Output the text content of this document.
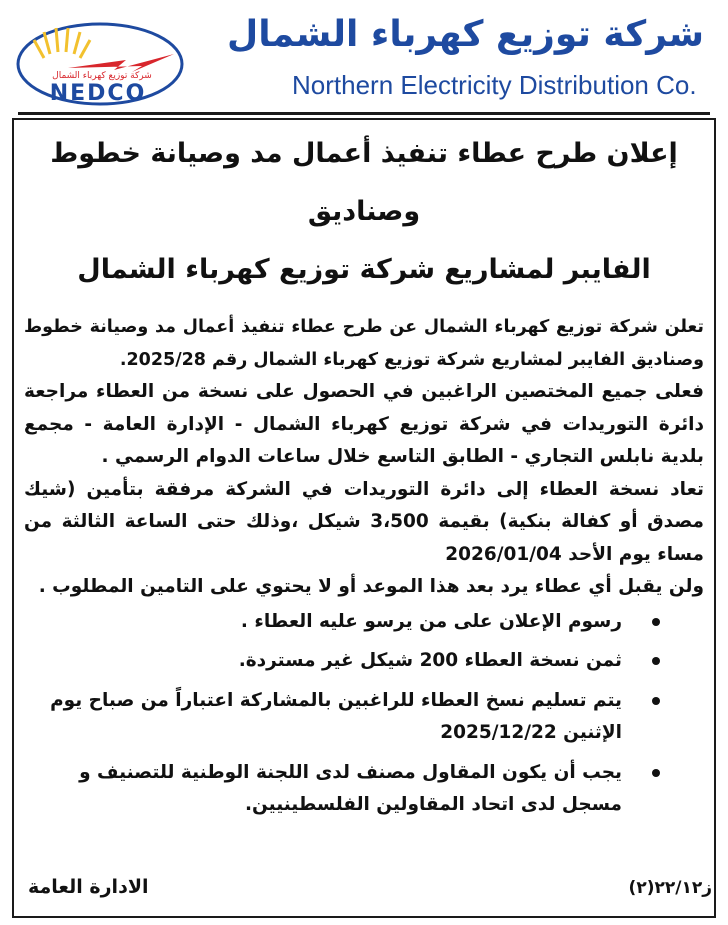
شركة توزيع كهرباء الشمال
NEDCO
شركة توزيع كهرباء الشمال
Northern Electricity Distribution Co.
إعلان طرح عطاء تنفيذ أعمال مد وصيانة خطوط وصناديق
الفايبر لمشاريع شركة توزيع كهرباء الشمال

تعلن شركة توزيع كهرباء الشمال عن طرح عطاء تنفيذ أعمال مد وصيانة خطوط وصناديق الفايبر لمشاريع شركة توزيع كهرباء الشمال رقم 2025/28.

فعلى جميع المختصين الراغبين في الحصول على نسخة من العطاء مراجعة دائرة التوريدات في شركة توزيع كهرباء الشمال - الإدارة العامة - مجمع بلدية نابلس التجاري - الطابق التاسع خلال ساعات الدوام الرسمي .

تعاد نسخة العطاء إلى دائرة التوريدات في الشركة مرفقة بتأمين (شيك مصدق أو كفالة بنكية) بقيمة 3،500 شيكل ،وذلك حتى الساعة الثالثة من مساء يوم الأحد 2026/01/04

ولن يقبل أي عطاء يرد بعد هذا الموعد أو لا يحتوي على التامين المطلوب .

رسوم الإعلان على من يرسو عليه العطاء .
ثمن نسخة العطاء 200 شيكل غير مستردة.
يتم تسليم نسخ العطاء للراغبين بالمشاركة اعتباراً من صباح يوم الإثنين 2025/12/22
يجب أن يكون المقاول مصنف لدى اللجنة الوطنية للتصنيف و مسجل لدى اتحاد المقاولين الفلسطينيين.
ز٢٢/١٢(٢)
الادارة العامة
